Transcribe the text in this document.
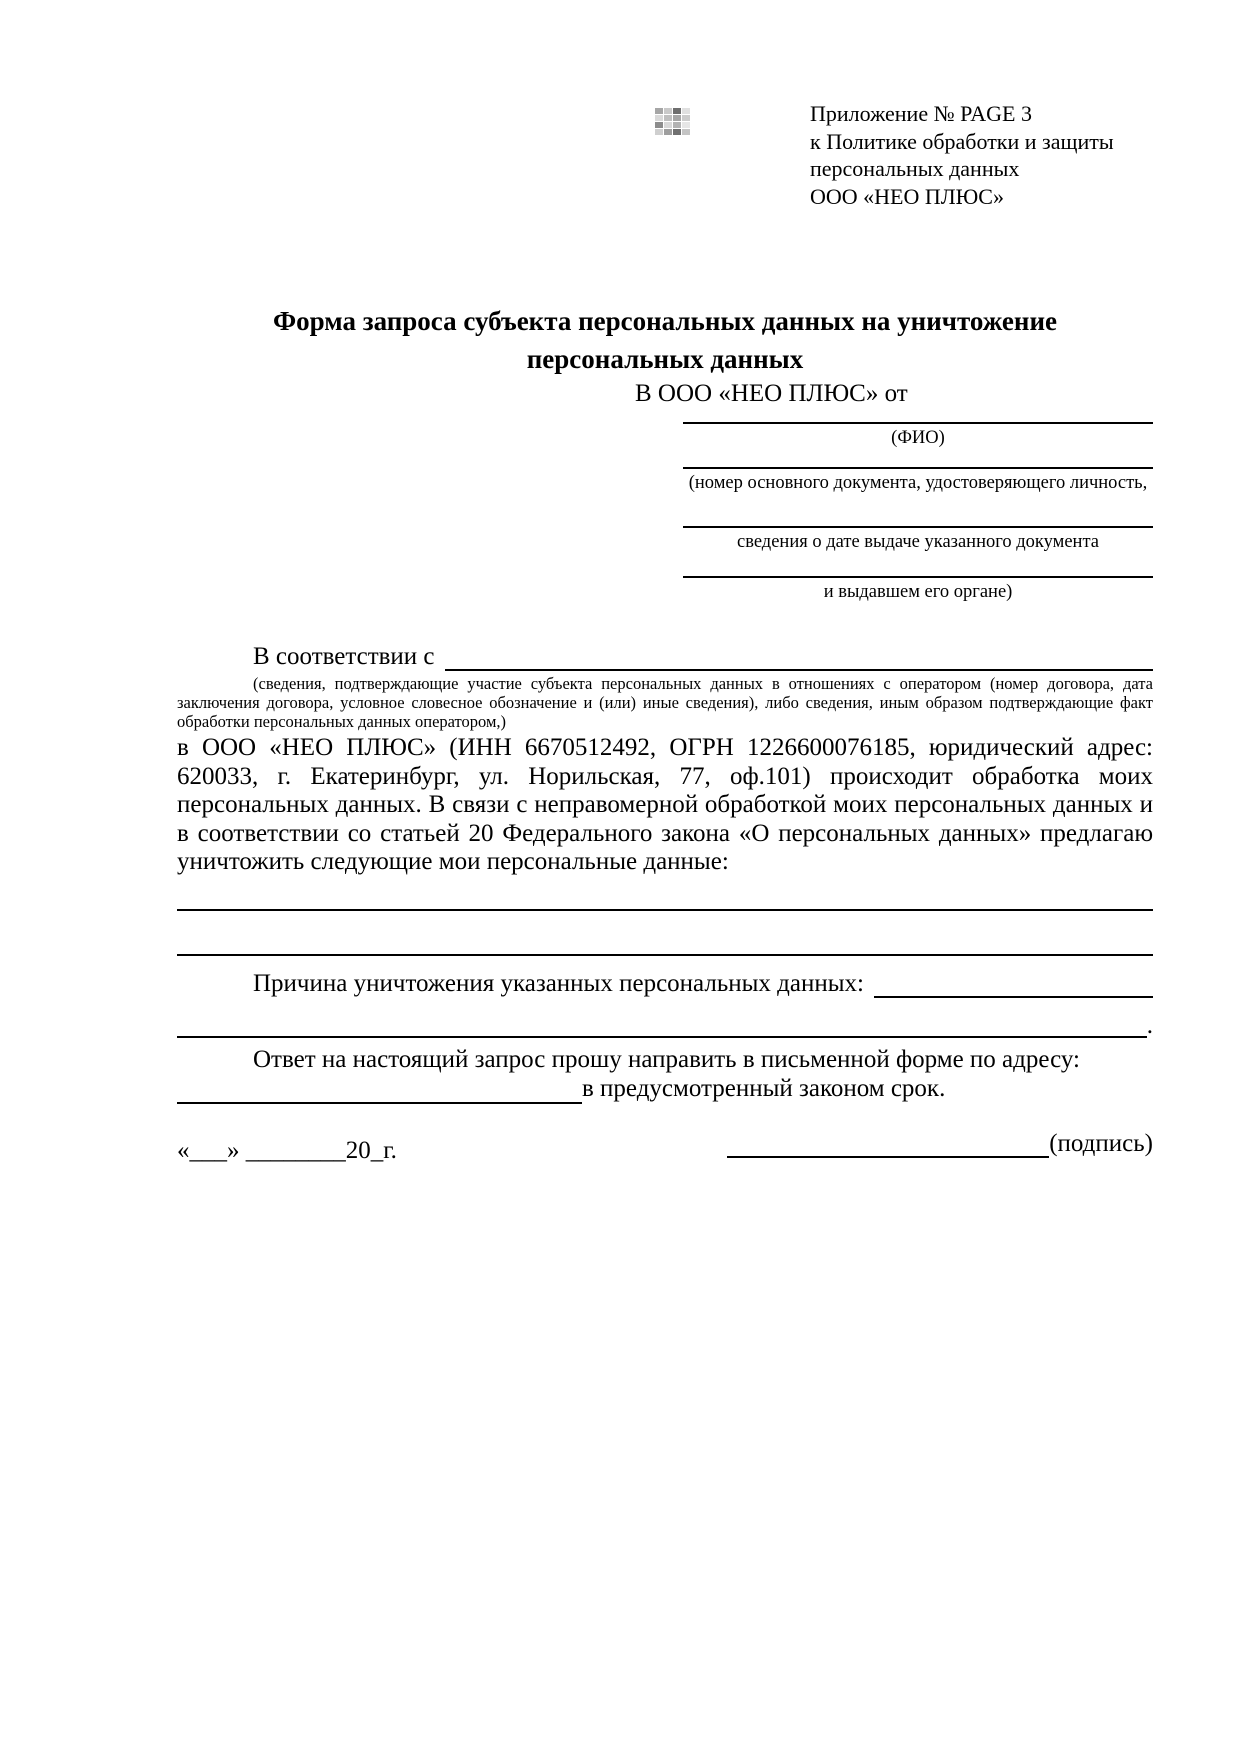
Приложение № PAGE 3
к Политике обработки и защиты
персональных данных
ООО «НЕО ПЛЮС»
Форма запроса субъекта персональных данных на уничтожение
персональных данных
В ООО «НЕО ПЛЮС» от
(ФИО)
(номер основного документа, удостоверяющего личность,
сведения о дате выдаче указанного документа
и выдавшем его органе)
В соответствии с

(сведения, подтверждающие участие субъекта персональных данных в отношениях с оператором (номер договора, дата заключения договора, условное словесное обозначение и (или) иные сведения), либо сведения, иным образом подтверждающие факт обработки персональных данных оператором,)

в ООО «НЕО ПЛЮС» (ИНН 6670512492, ОГРН 1226600076185, юридический адрес: 620033, г. Екатеринбург, ул. Норильская, 77, оф.101) происходит обработка моих персональных данных. В связи с неправомерной обработкой моих персональных данных и в соответствии со статьей 20 Федерального закона «О персональных данных» предлагаю уничтожить следующие мои персональные данные:

Причина уничтожения указанных персональных данных:
.

Ответ на настоящий запрос прошу направить в письменной форме по адресу:

в предусмотренный законом срок.
«___» ________20_г.	(подпись)
